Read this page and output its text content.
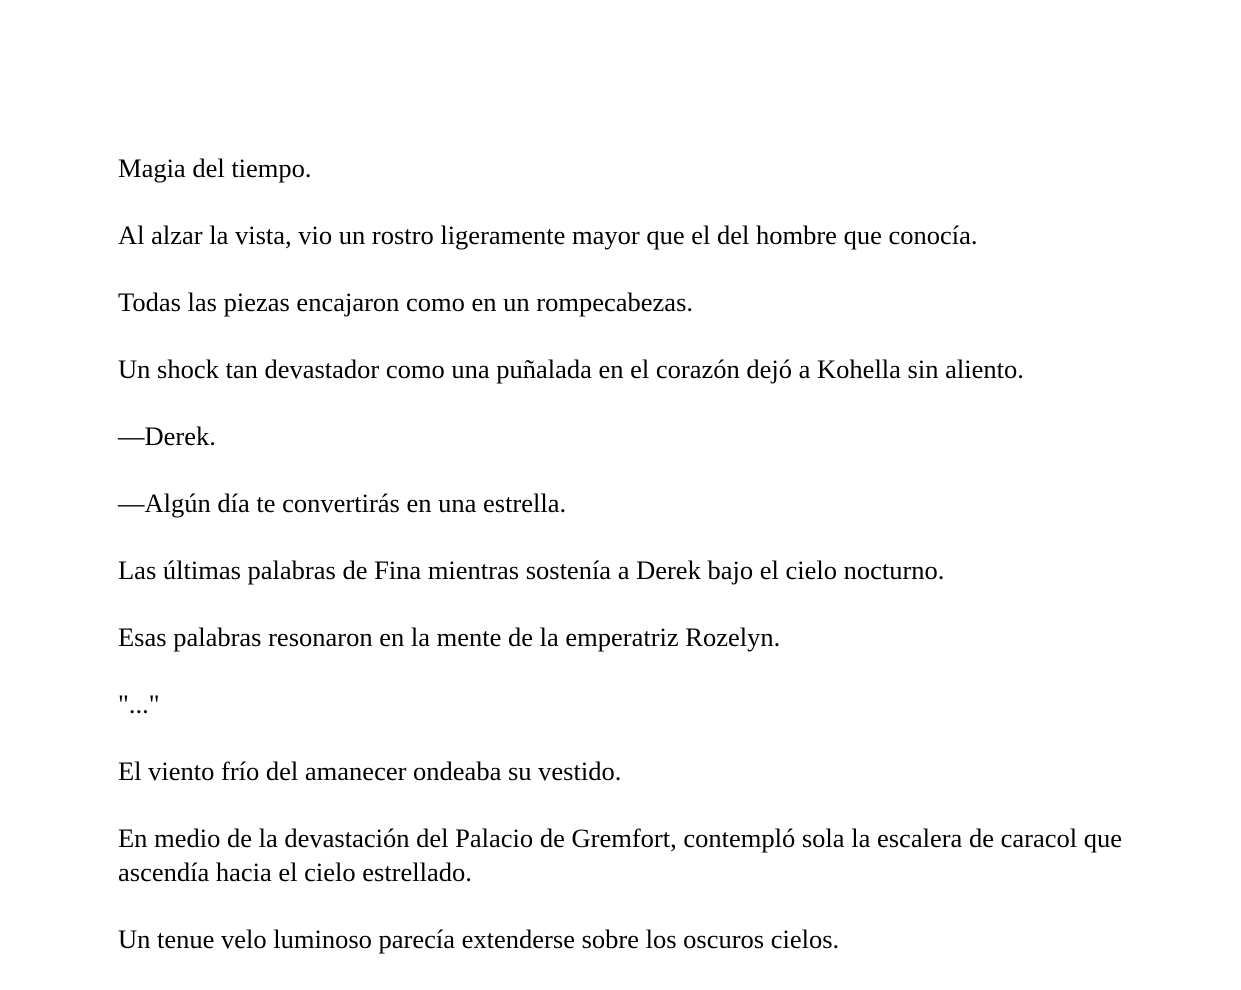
Magia del tiempo.

Al alzar la vista, vio un rostro ligeramente mayor que el del hombre que conocía.

Todas las piezas encajaron como en un rompecabezas.

Un shock tan devastador como una puñalada en el corazón dejó a Kohella sin aliento.

—Derek.

—Algún día te convertirás en una estrella.

Las últimas palabras de Fina mientras sostenía a Derek bajo el cielo nocturno.

Esas palabras resonaron en la mente de la emperatriz Rozelyn.

"..."

El viento frío del amanecer ondeaba su vestido.

En medio de la devastación del Palacio de Gremfort, contempló sola la escalera de caracol que ascendía hacia el cielo estrellado.

Un tenue velo luminoso parecía extenderse sobre los oscuros cielos.
